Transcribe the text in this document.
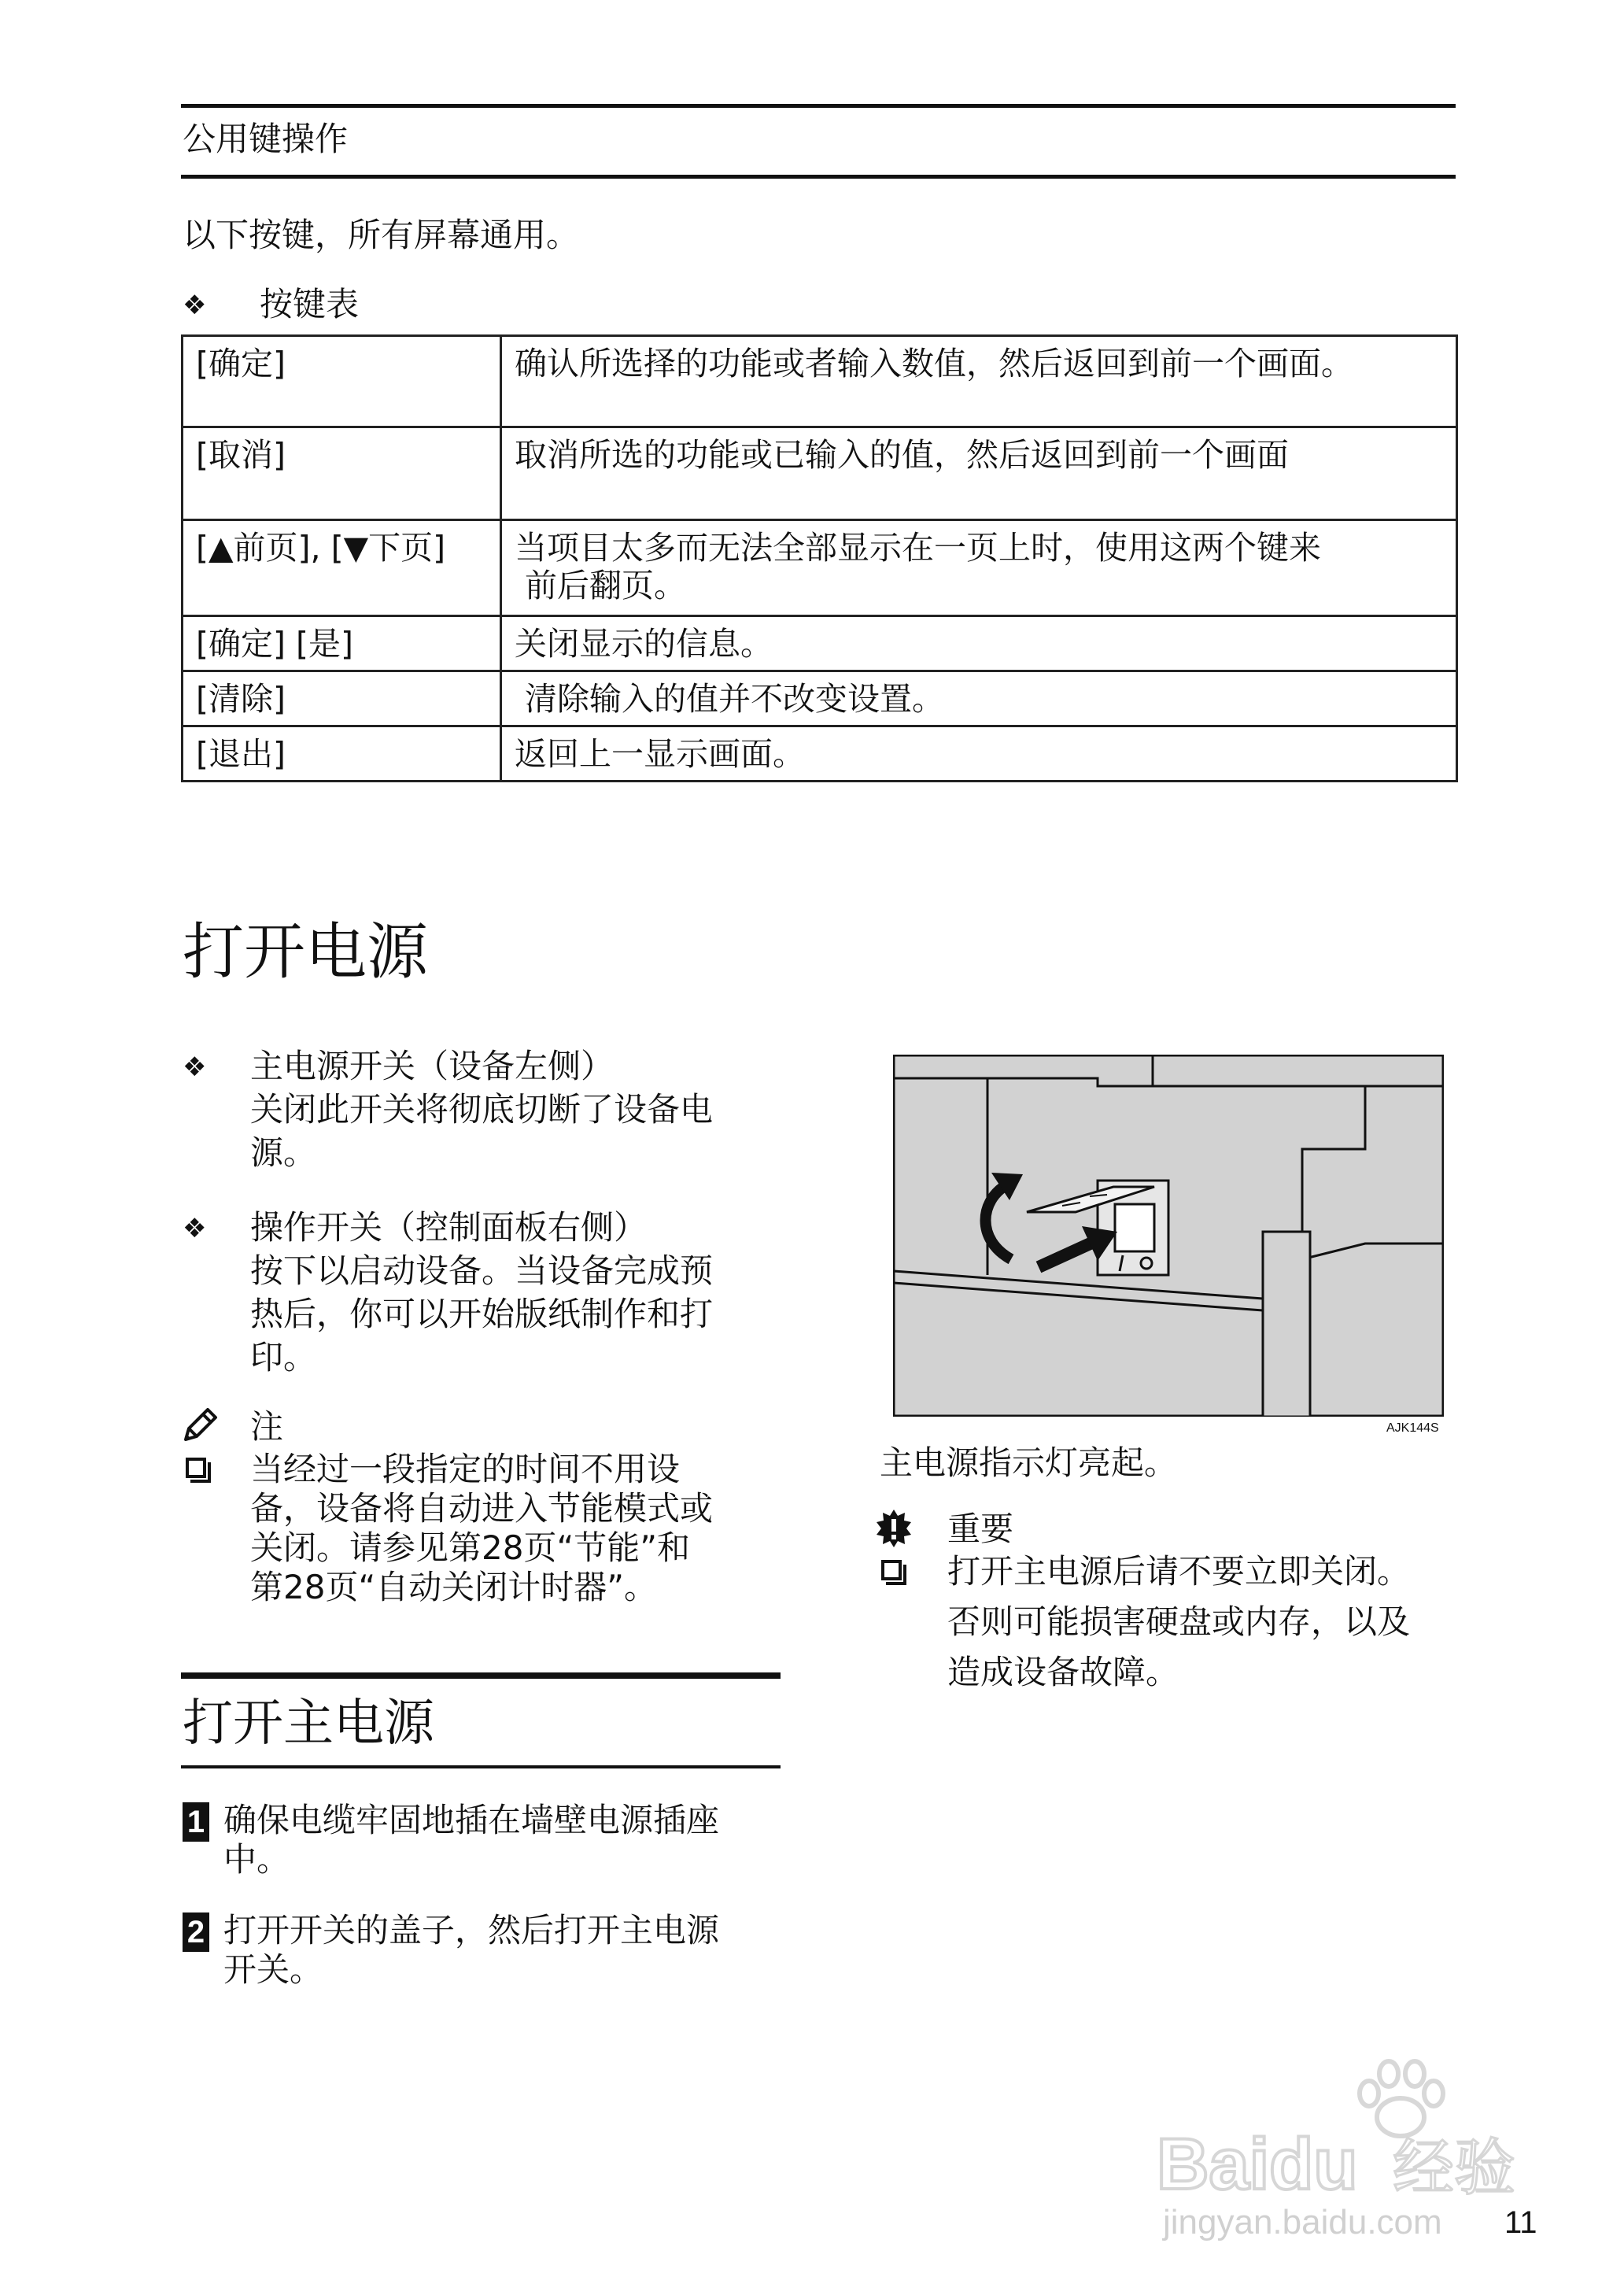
公用键操作
以下按键，所有屏幕通用。
❖ 按键表
[确定]	确认所选择的功能或者输入数值，然后返回到前一个画面。

[取消]	取消所选的功能或已输入的值，然后返回到前一个画面

[▲前页], [▼下页]	当项目太多而无法全部显示在一页上时，使用这两个键来
前后翻页。

[确定] [是]	关闭显示的信息。

[清除]	清除输入的值并不改变设置。

[退出]	返回上一显示画面。
打开电源
❖ 主电源开关（设备左侧）
关闭此开关将彻底切断了设备电
源。
❖ 操作开关（控制面板右侧）
按下以启动设备。当设备完成预
热后，你可以开始版纸制作和打
印。
注
当经过一段指定的时间不用设
备，设备将自动进入节能模式或
关闭。请参见第28页“节能”和
第28页“自动关闭计时器”。
打开主电源
1 确保电缆牢固地插在墙壁电源插座
中。
2 打开开关的盖子，然后打开主电源
开关。
AJK144S
主电源指示灯亮起。
重要
打开主电源后请不要立即关闭。
否则可能损害硬盘或内存，以及
造成设备故障。
Baidu 经验
jingyan.baidu.com 11
